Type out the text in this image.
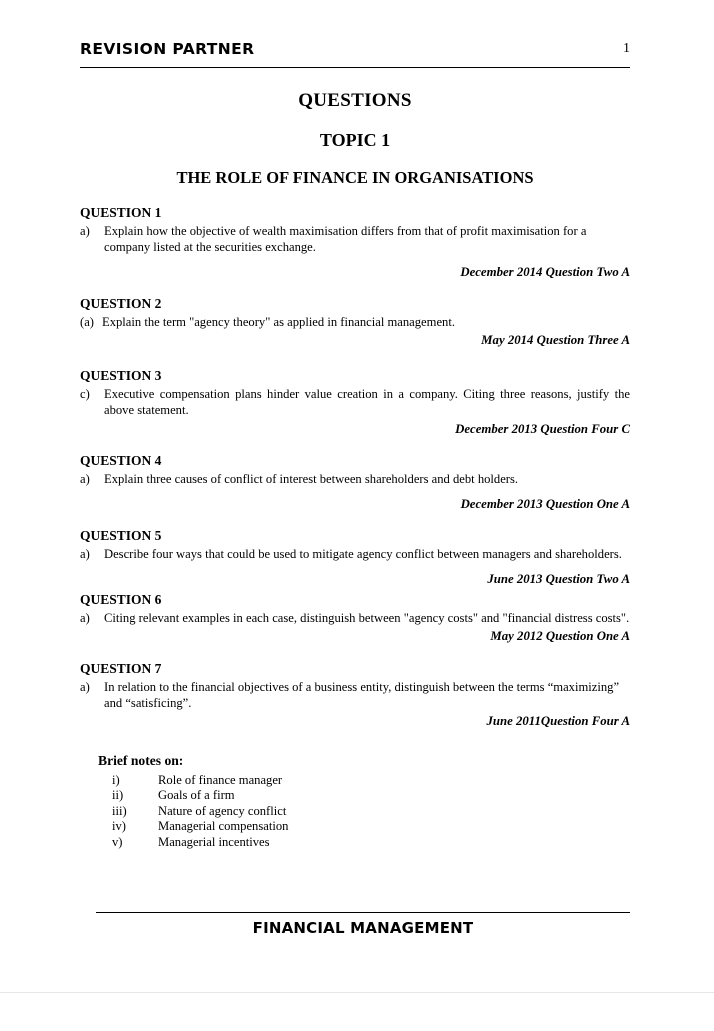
REVISION PARTNER	1
QUESTIONS
TOPIC 1
THE ROLE OF FINANCE IN ORGANISATIONS
QUESTION 1
a)	Explain how the objective of wealth maximisation differs from that of profit maximisation for a company listed at the securities exchange.
December 2014 Question Two A
QUESTION 2
(a) Explain the term "agency theory" as applied in financial management.
May 2014 Question Three A
QUESTION 3
c)	Executive compensation plans hinder value creation in a company. Citing three reasons, justify the above statement.
December 2013 Question Four C
QUESTION 4
a)	Explain three causes of conflict of interest between shareholders and debt holders.
December 2013 Question One A
QUESTION 5
a)	Describe four ways that could be used to mitigate agency conflict between managers and shareholders.
June 2013 Question Two A
QUESTION 6
a)	Citing relevant examples in each case, distinguish between "agency costs" and "financial distress costs".
May 2012 Question One A
QUESTION 7
a)	In relation to the financial objectives of a business entity, distinguish between the terms “maximizing” and “satisficing”.
June 2011Question Four A
Brief notes on:
i)	Role of finance manager
ii)	Goals of a firm
iii)	Nature of agency conflict
iv)	Managerial compensation
v)	Managerial incentives
FINANCIAL MANAGEMENT
